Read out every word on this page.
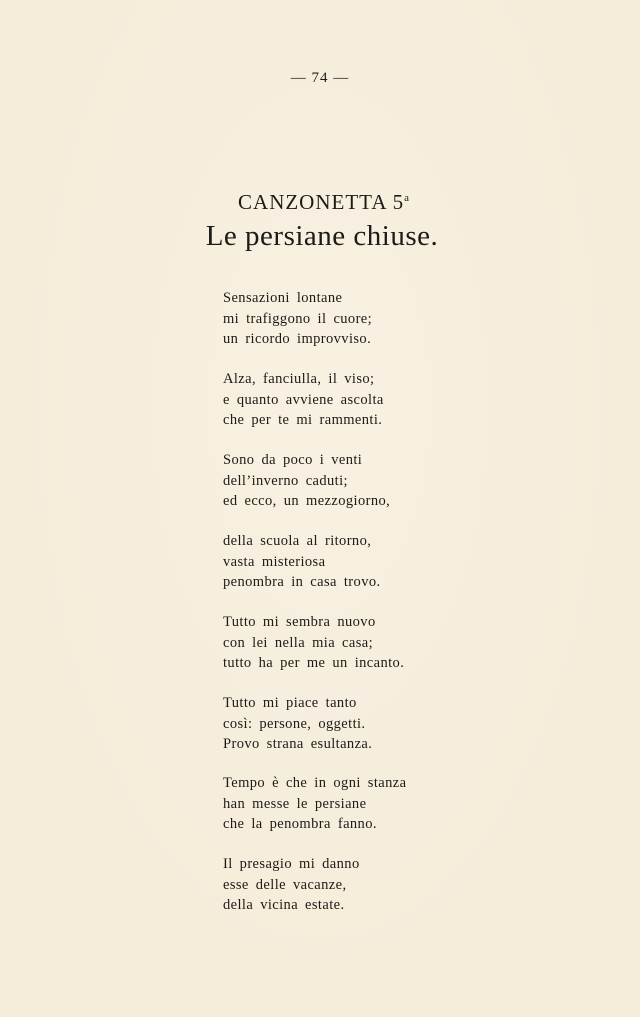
— 74 —
CANZONETTA 5$^a$
Le persiane chiuse.
Sensazioni lontane
mi trafiggono il cuore;
un ricordo improvviso.
Alza, fanciulla, il viso;
e quanto avviene ascolta
che per te mi rammenti.
Sono da poco i venti
dell’inverno caduti;
ed ecco, un mezzogiorno,
della scuola al ritorno,
vasta misteriosa
penombra in casa trovo.
Tutto mi sembra nuovo
con lei nella mia casa;
tutto ha per me un incanto.
Tutto mi piace tanto
così: persone, oggetti.
Provo strana esultanza.
Tempo è che in ogni stanza
han messe le persiane
che la penombra fanno.
Il presagio mi danno
esse delle vacanze,
della vicina estate.
